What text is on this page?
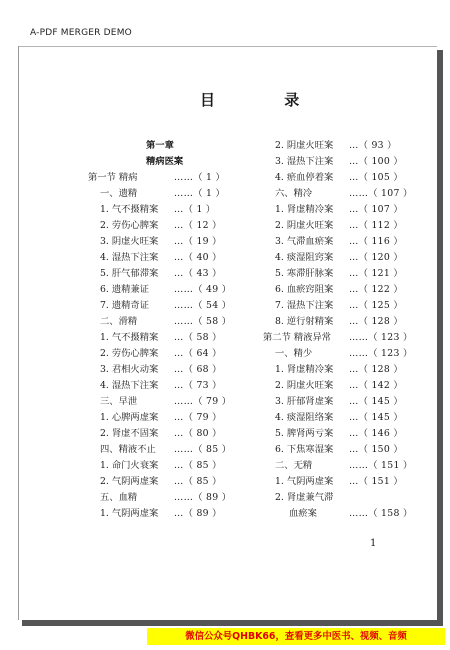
A-PDF MERGER DEMO
目 录
第一章
精病医案
第一节 精病	……（ 1 ）
一、遗精	……（ 1 ）
1. 气不摄精案 …（ 1 ）
2. 劳伤心脾案 …（ 12 ）
3. 阴虚火旺案 …（ 19 ）
4. 湿热下注案 …（ 40 ）
5. 肝气郁滞案 …（ 43 ）
6. 遗精兼证	……（ 49 ）
7. 遗精奇证	……（ 54 ）
二、滑精	……（ 58 ）
1. 气不摄精案 …（ 58 ）
2. 劳伤心脾案 …（ 64 ）
3. 君相火动案 …（ 68 ）
4. 湿热下注案 …（ 73 ）
三、早泄	……（ 79 ）
1. 心脾两虚案 …（ 79 ）
2. 肾虚不固案 …（ 80 ）
四、精液不止 ……（ 85 ）
1. 命门火衰案 …（ 85 ）
2. 气阴两虚案 …（ 85 ）
五、血精	……（ 89 ）
1. 气阴两虚案 …（ 89 ）
2. 阴虚火旺案 …（ 93 ）
3. 湿热下注案 …（ 100 ）
4. 瘀血停着案 …（ 105 ）
六、精冷	……（ 107 ）
1. 肾虚精冷案 …（ 107 ）
2. 阴虚火旺案 …（ 112 ）
3. 气滞血瘀案 …（ 116 ）
4. 痰湿阻窍案 …（ 120 ）
5. 寒滞肝脉案 …（ 121 ）
6. 血瘀窍阻案 …（ 122 ）
7. 湿热下注案 …（ 125 ）
8. 逆行射精案 …（ 128 ）
第二节 精液异常 ……（ 123 ）
一、精少	……（ 123 ）
1. 肾虚精冷案 …（ 128 ）
2. 阴虚火旺案 …（ 142 ）
3. 肝郁肾虚案 …（ 145 ）
4. 痰湿阻络案 …（ 145 ）
5. 脾肾两亏案 …（ 146 ）
6. 下焦寒湿案 …（ 150 ）
二、无精	……（ 151 ）
1. 气阴两虚案 …（ 151 ）
2. 肾虚兼气滞
血瘀案	……（ 158 ）
1
微信公众号QHBK66，查看更多中医书、视频、音频
